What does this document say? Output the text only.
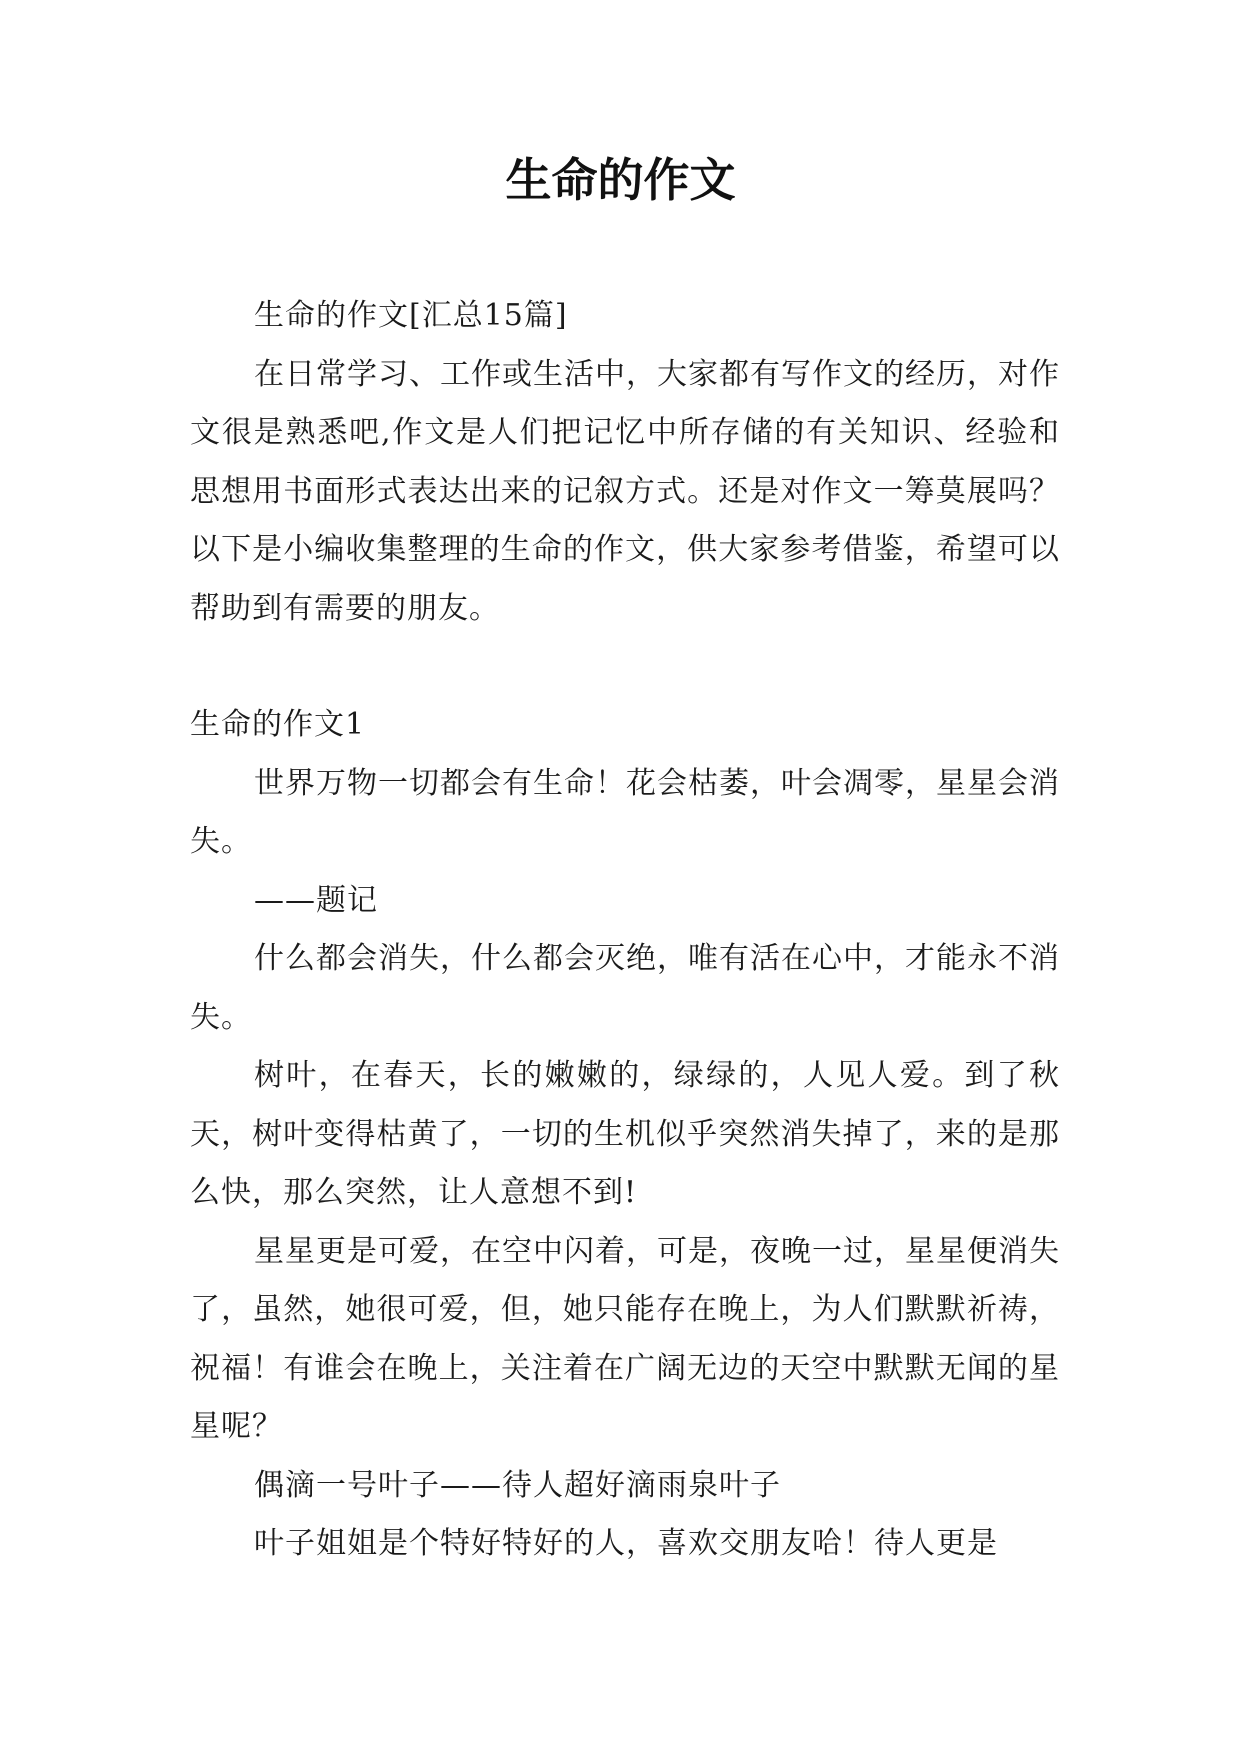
生命的作文

生命的作文[汇总15篇]

在日常学习、工作或生活中，大家都有写作文的经历，对作文很是熟悉吧,作文是人们把记忆中所存储的有关知识、经验和思想用书面形式表达出来的记叙方式。还是对作文一筹莫展吗？以下是小编收集整理的生命的作文，供大家参考借鉴，希望可以帮助到有需要的朋友。

生命的作文1

世界万物一切都会有生命！花会枯萎，叶会凋零，星星会消失。

——题记

什么都会消失，什么都会灭绝，唯有活在心中，才能永不消失。

树叶，在春天，长的嫩嫩的，绿绿的，人见人爱。到了秋天，树叶变得枯黄了，一切的生机似乎突然消失掉了，来的是那么快，那么突然，让人意想不到!

星星更是可爱，在空中闪着，可是，夜晚一过，星星便消失了，虽然，她很可爱，但，她只能存在晚上，为人们默默祈祷，祝福！有谁会在晚上，关注着在广阔无边的天空中默默无闻的星星呢？

偶滴一号叶子——待人超好滴雨泉叶子

叶子姐姐是个特好特好的人，喜欢交朋友哈！待人更是
